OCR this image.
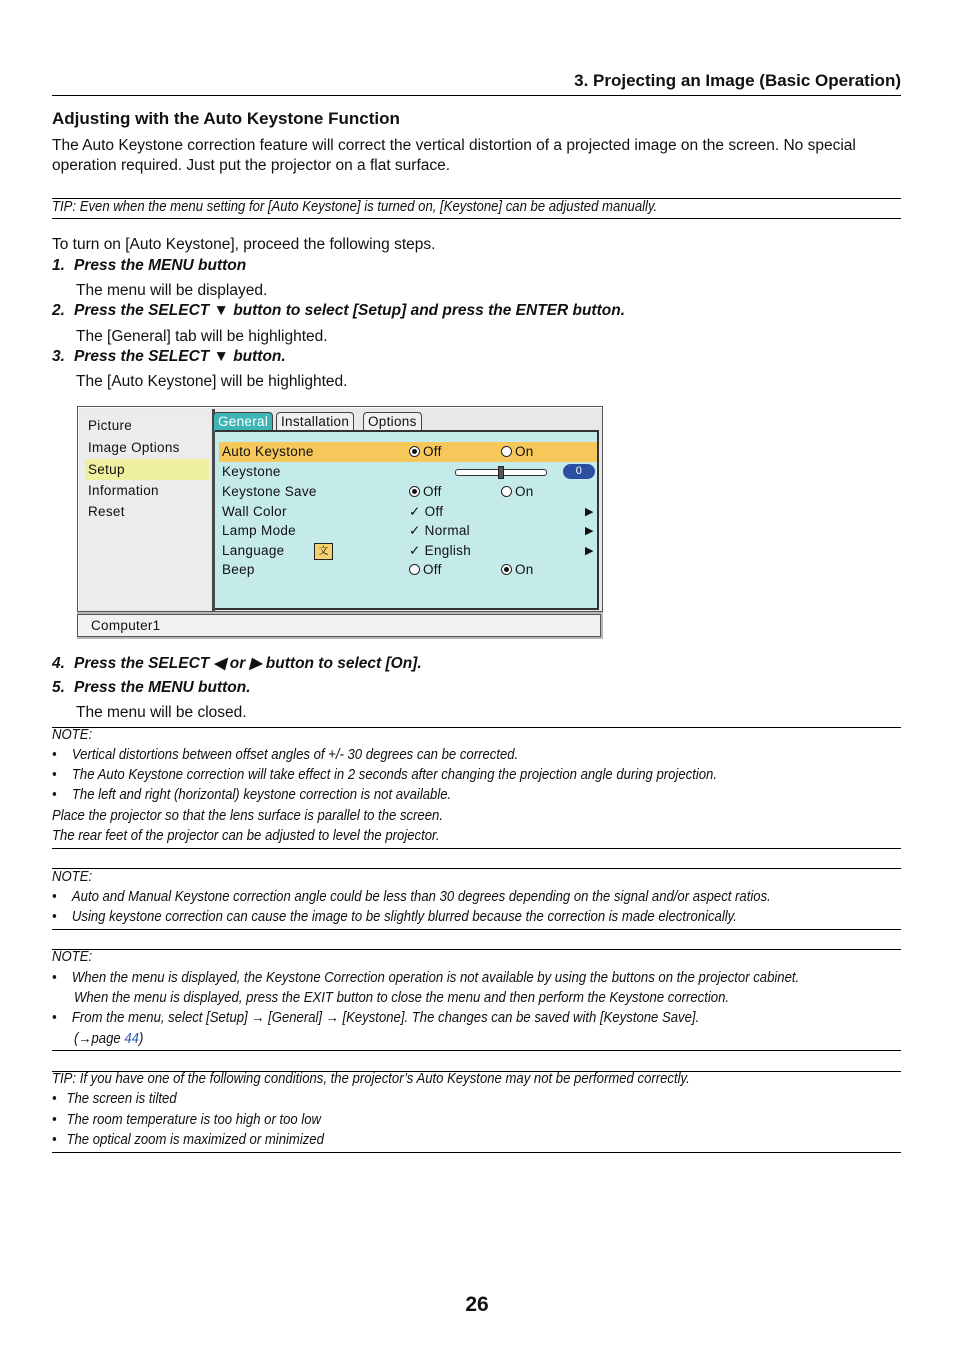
3. Projecting an Image (Basic Operation)
Adjusting with the Auto Keystone Function
The Auto Keystone correction feature will correct the vertical distortion of a projected image on the screen. No special operation required. Just put the projector on a flat surface.
TIP: Even when the menu setting for [Auto Keystone] is turned on, [Keystone] can be adjusted manually.
To turn on [Auto Keystone], proceed the following steps.
1. Press the MENU button
The menu will be displayed.
2. Press the SELECT ▼ button to select [Setup] and press the ENTER button.
The [General] tab will be highlighted.
3. Press the SELECT ▼ button.
The [Auto Keystone] will be highlighted.
Picture
Image Options
Setup
Information
Reset
General Installation	Options
Auto Keystone	Off	On
Keystone	0
Keystone Save	Off	On
Wall Color	✓ Off	▶
Lamp Mode	✓ Normal	▶
Language	文	✓ English	▶
Beep	Off	On
Computer1
4. Press the SELECT ◀ or ▶ button to select [On].
5. Press the MENU button.
The menu will be closed.
NOTE:
• Vertical distortions between offset angles of +/- 30 degrees can be corrected.
• The Auto Keystone correction will take effect in 2 seconds after changing the projection angle during projection.
• The left and right (horizontal) keystone correction is not available.
Place the projector so that the lens surface is parallel to the screen.
The rear feet of the projector can be adjusted to level the projector.
NOTE:
• Auto and Manual Keystone correction angle could be less than 30 degrees depending on the signal and/or aspect ratios.
• Using keystone correction can cause the image to be slightly blurred because the correction is made electronically.
NOTE:
• When the menu is displayed, the Keystone Correction operation is not available by using the buttons on the projector cabinet.
When the menu is displayed, press the EXIT button to close the menu and then perform the Keystone correction.
• From the menu, select [Setup] → [General] → [Keystone]. The changes can be saved with [Keystone Save].
(→page 44)
TIP: If you have one of the following conditions, the projector’s Auto Keystone may not be performed correctly.
• The screen is tilted
• The room temperature is too high or too low
• The optical zoom is maximized or minimized
26
